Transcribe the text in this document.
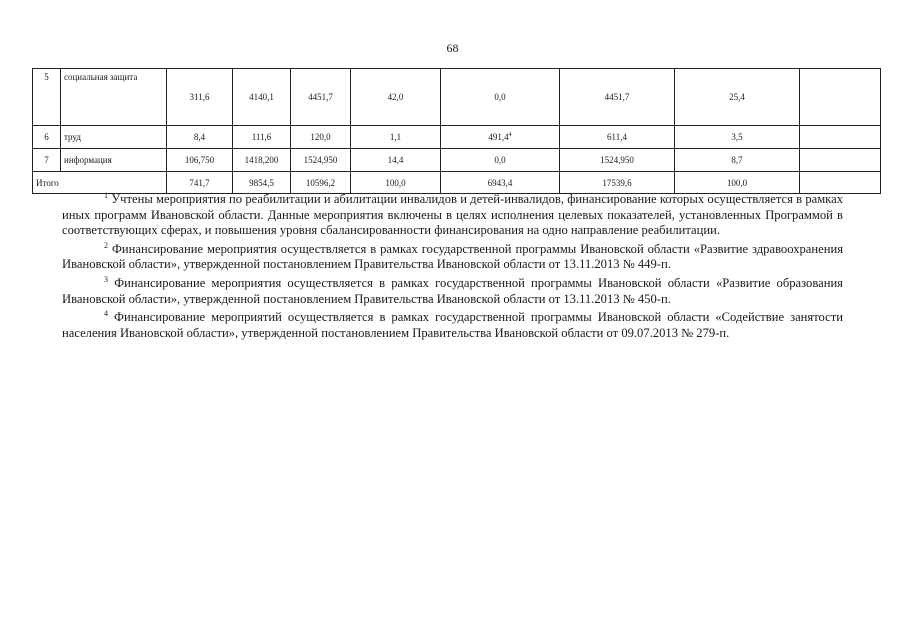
68
5	социальная защита	311,6	4140,1	4451,7	42,0	0,0	4451,7	25,4	
6	труд	8,4	111,6	120,0	1,1	491,4$^4$	611,4	3,5	
7	информация	106,750	1418,200	1524,950	14,4	0,0	1524,950	8,7	
Итого		741,7	9854,5	10596,2	100,0	6943,4	17539,6	100,0	

$^1$ Учтены мероприятия по реабилитации и абилитации инвалидов и детей-инвалидов, финансирование которых осуществляется в рамках иных программ Ивановской области. Данные мероприятия включены в целях исполнения целевых показателей, установленных Программой в соответствующих сферах, и повышения уровня сбалансированности финансирования на одно направление реабилитации.

$^2$ Финансирование мероприятия осуществляется в рамках государственной программы Ивановской области «Развитие здравоохранения Ивановской области», утвержденной постановлением Правительства Ивановской области от 13.11.2013 № 449-п.

$^3$ Финансирование мероприятия осуществляется в рамках государственной программы Ивановской области «Развитие образования Ивановской области», утвержденной постановлением Правительства Ивановской области от 13.11.2013 № 450-п.

$^4$ Финансирование мероприятий осуществляется в рамках государственной программы Ивановской области «Содействие занятости населения Ивановской области», утвержденной постановлением Правительства Ивановской области от 09.07.2013 № 279-п.
